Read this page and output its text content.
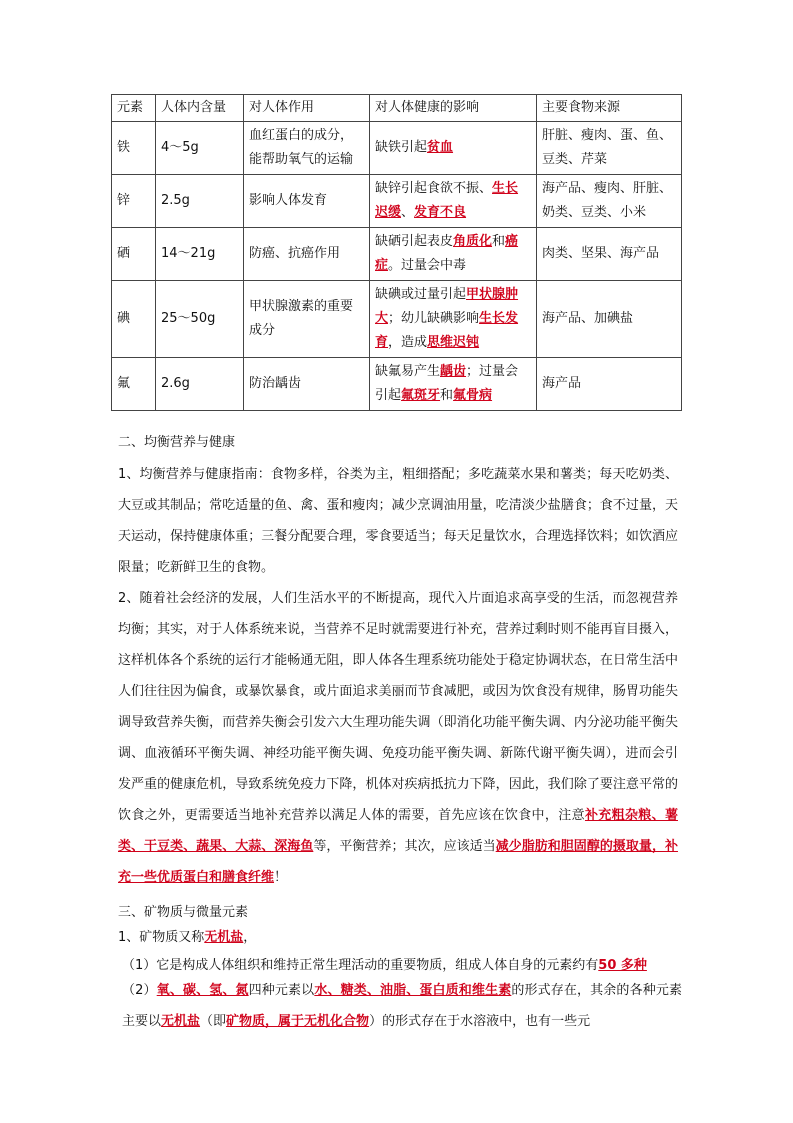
元素	人体内含量	对人体作用	对人体健康的影响	主要食物来源
铁	4～5g	血红蛋白的成分，能帮助氧气的运输	缺铁引起贫血	肝脏、瘦肉、蛋、鱼、豆类、芹菜
锌	2.5g	影响人体发育	缺锌引起食欲不振、生长迟缓、发育不良	海产品、瘦肉、肝脏、奶类、豆类、小米
硒	14～21g	防癌、抗癌作用	缺硒引起表皮角质化和癌症。过量会中毒	肉类、坚果、海产品
碘	25～50g	甲状腺激素的重要成分	缺碘或过量引起甲状腺肿大；幼儿缺碘影响生长发育，造成思维迟钝	海产品、加碘盐
氟	2.6g	防治龋齿	缺氟易产生龋齿；过量会引起氟斑牙和氟骨病	海产品
二、均衡营养与健康
1、均衡营养与健康指南：食物多样，谷类为主，粗细搭配；多吃蔬菜水果和薯类；每天吃奶类、大豆或其制品；常吃适量的鱼、禽、蛋和瘦肉；减少烹调油用量，吃清淡少盐膳食；食不过量，天天运动，保持健康体重；三餐分配要合理，零食要适当；每天足量饮水，合理选择饮料；如饮酒应限量；吃新鲜卫生的食物。
2、随着社会经济的发展，人们生活水平的不断提高，现代入片面追求高享受的生活，而忽视营养均衡；其实，对于人体系统来说，当营养不足时就需要进行补充，营养过剩时则不能再盲目摄入，这样机体各个系统的运行才能畅通无阻，即人体各生理系统功能处于稳定协调状态，在日常生活中人们往往因为偏食，或暴饮暴食，或片面追求美丽而节食减肥，或因为饮食没有规律，肠胃功能失调导致营养失衡，而营养失衡会引发六大生理功能失调（即消化功能平衡失调、内分泌功能平衡失调、血液循环平衡失调、神经功能平衡失调、免疫功能平衡失调、新陈代谢平衡失调），进而会引发严重的健康危机，导致系统免疫力下降，机体对疾病抵抗力下降，因此，我们除了要注意平常的饮食之外，更需要适当地补充营养以满足人体的需要，首先应该在饮食中，注意补充粗杂粮、薯类、干豆类、蔬果、大蒜、深海鱼等，平衡营养；其次，应该适当减少脂肪和胆固醇的摄取量，补充一些优质蛋白和膳食纤维！
三、矿物质与微量元素
1、矿物质又称无机盐，
（1）它是构成人体组织和维持正常生理活动的重要物质，组成人体自身的元素约有50 多种
（2）氧、碳、氢、氮四种元素以水、糖类、油脂、蛋白质和维生素的形式存在，其余的各种元素主要以无机盐（即矿物质，属于无机化合物）的形式存在于水溶液中，也有一些元
